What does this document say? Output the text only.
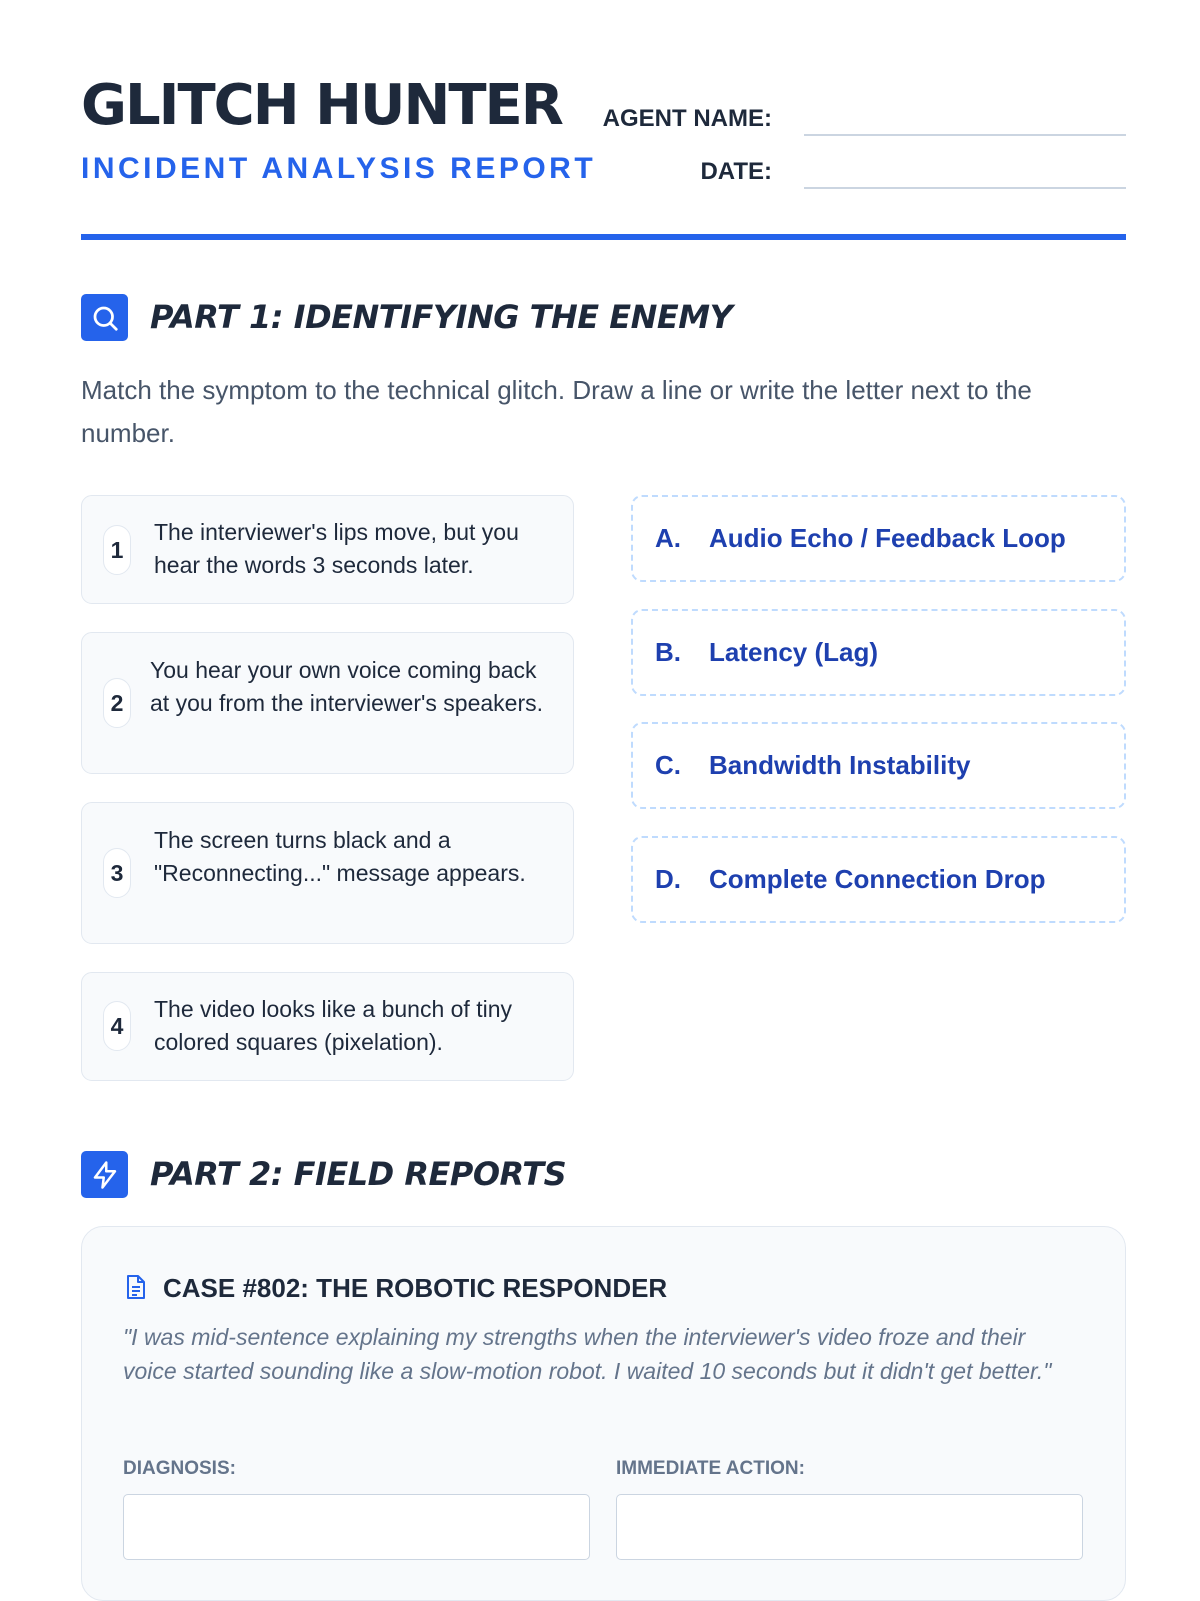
GLITCH HUNTER
INCIDENT ANALYSIS REPORT
AGENT NAME:
DATE:
PART 1: IDENTIFYING THE ENEMY
Match the symptom to the technical glitch. Draw a line or write the letter next to the number.
1
The interviewer's lips move, but you hear the words 3 seconds later.
2
You hear your own voice coming back at you from the interviewer's speakers.
3
The screen turns black and a "Reconnecting..." message appears.
4
The video looks like a bunch of tiny colored squares (pixelation).
A.	Audio Echo / Feedback Loop
B.	Latency (Lag)
C.	Bandwidth Instability
D.	Complete Connection Drop
PART 2: FIELD REPORTS
CASE #802: THE ROBOTIC RESPONDER
"I was mid-sentence explaining my strengths when the interviewer's video froze and their voice started sounding like a slow-motion robot. I waited 10 seconds but it didn't get better."
DIAGNOSIS:	IMMEDIATE ACTION:
